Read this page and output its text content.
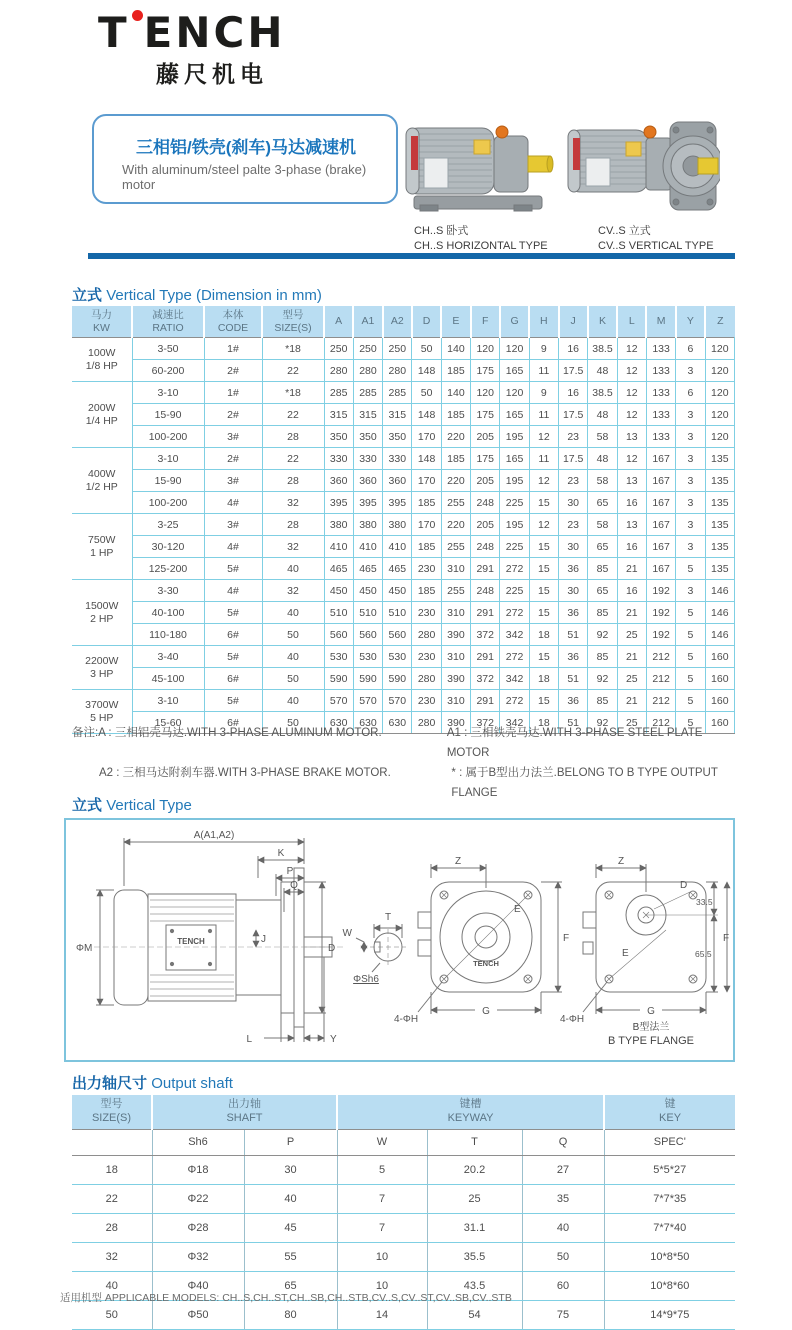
T ENCH
藤尺机电
三相铝/铁壳(刹车)马达减速机
With aluminum/steel palte 3-phase (brake) motor
CH..S 卧式
CH..S HORIZONTAL TYPE
CV..S 立式
CV..S VERTICAL TYPE
立式 Vertical Type (Dimension in mm)
马力
KW

减速比
RATIO

本体
CODE

型号
SIZE(S)
	A	A1	A2	D	E	F	G	H	J	K	L	M	Y	Z

100W
1/8 HP	3-50	1#	*18	250	250	250	50	140	120	120	9	16	38.5	12	133	6	120
	60-200	2#	22	280	280	280	148	185	175	165	11	17.5	48	12	133	3	120

200W
1/4 HP	3-10	1#	*18	285	285	285	50	140	120	120	9	16	38.5	12	133	6	120
	15-90	2#	22	315	315	315	148	185	175	165	11	17.5	48	12	133	3	120
	100-200	3#	28	350	350	350	170	220	205	195	12	23	58	13	133	3	120

400W
1/2 HP	3-10	2#	22	330	330	330	148	185	175	165	11	17.5	48	12	167	3	135
	15-90	3#	28	360	360	360	170	220	205	195	12	23	58	13	167	3	135
	100-200	4#	32	395	395	395	185	255	248	225	15	30	65	16	167	3	135

750W
1 HP	3-25	3#	28	380	380	380	170	220	205	195	12	23	58	13	167	3	135
	30-120	4#	32	410	410	410	185	255	248	225	15	30	65	16	167	3	135
	125-200	5#	40	465	465	465	230	310	291	272	15	36	85	21	167	5	135

1500W
2 HP	3-30	4#	32	450	450	450	185	255	248	225	15	30	65	16	192	3	146
	40-100	5#	40	510	510	510	230	310	291	272	15	36	85	21	192	5	146
	110-180	6#	50	560	560	560	280	390	372	342	18	51	92	25	192	5	146

2200W
3 HP	3-40	5#	40	530	530	530	230	310	291	272	15	36	85	21	212	5	160
	45-100	6#	50	590	590	590	280	390	372	342	18	51	92	25	212	5	160

3700W
5 HP	3-10	5#	40	570	570	570	230	310	291	272	15	36	85	21	212	5	160
	15-60	6#	50	630	630	630	280	390	372	342	18	51	92	25	212	5	160
备注:A : 三相铝壳马达.WITH 3-PHASE ALUMINUM MOTOR.	A1 : 三相铁壳马达.WITH 3-PHASE STEEL PLATE MOTOR
A2 : 三相马达附刹车器.WITH 3-PHASE BRAKE MOTOR.	* : 属于B型出力法兰.BELONG TO B TYPE OUTPUT FLANGE
立式 Vertical Type
A(A1,A2)
K
P
Q
D
ΦM
J
L	Y
TENCH
T
W
ΦSh6
Z
E
F
G
4-ΦH
TENCH
Z
D
33.5
65.5
F
E
4-ΦH
G
B型法兰
B TYPE FLANGE
出力轴尺寸 Output shaft
型号
SIZE(S)

出力轴
SHAFT

键槽
KEYWAY

键
KEY

	Sh6	P	W	T	Q	SPEC'
18	Φ18	30	5	20.2	27	5*5*27
22	Φ22	40	7	25	35	7*7*35
28	Φ28	45	7	31.1	40	7*7*40
32	Φ32	55	10	35.5	50	10*8*50
40	Φ40	65	10	43.5	60	10*8*60
50	Φ50	80	14	54	75	14*9*75
适用机型 APPLICABLE MODELS: CH..S,CH..ST,CH..SB,CH..STB,CV..S,CV..ST,CV..SB,CV..STB
